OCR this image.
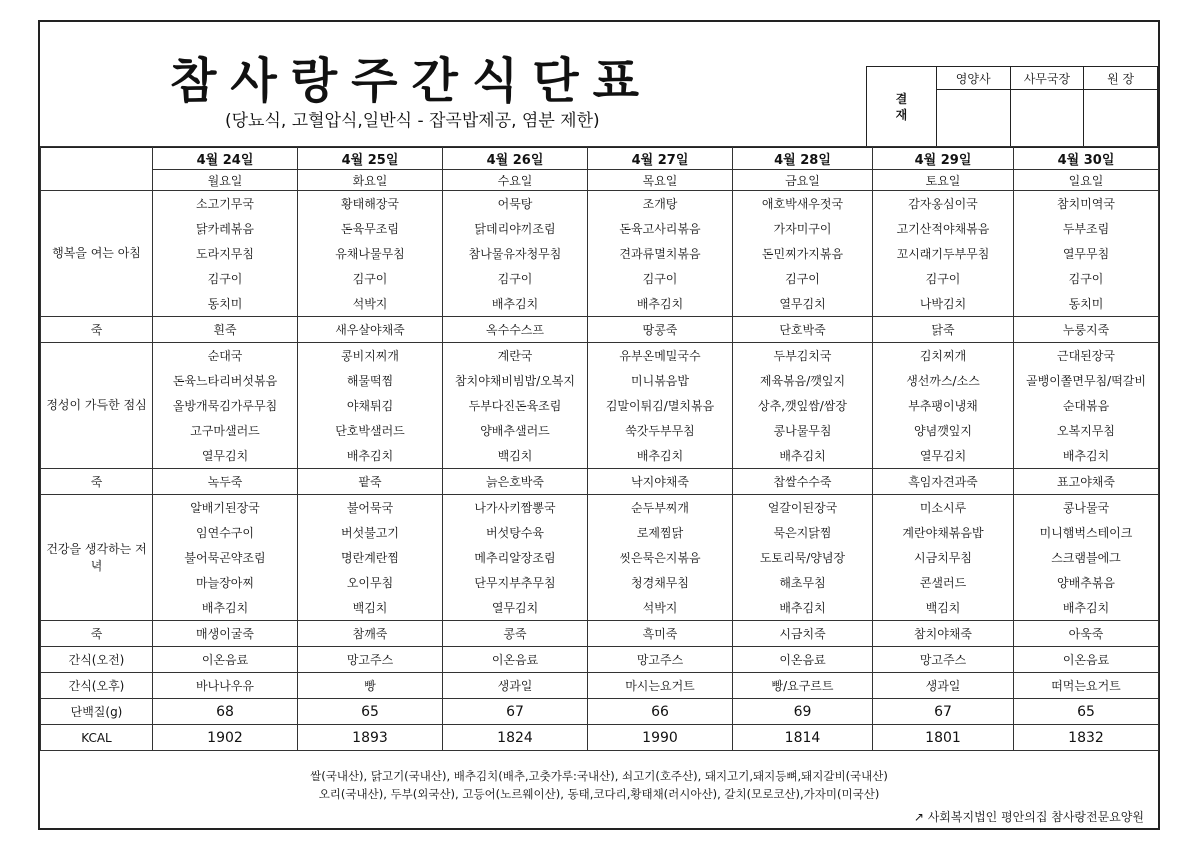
참사랑주간식단표
(당뇨식, 고혈압식,일반식 - 잡곡밥제공, 염분 제한)
결
재	영양사	사무국장	원 장

	4월 24일	4월 25일	4월 26일	4월 27일	4월 28일	4월 29일	4월 30일
	월요일	화요일	수요일	목요일	금요일	토요일	일요일
행복을 여는 아침	소고기무국	황태해장국	어묵탕	조개탕	애호박새우젓국	감자옹심이국	참치미역국
	닭카레볶음	돈육무조림	닭데리야끼조림	돈육고사리볶음	가자미구이	고기산적야채볶음	두부조림
	도라지무침	유채나물무침	참나물유자청무침	견과류멸치볶음	돈민찌가지볶음	꼬시래기두부무침	열무무침
	김구이	김구이	김구이	김구이	김구이	김구이	김구이
	동치미	석박지	배추김치	배추김치	열무김치	나박김치	동치미
죽	흰죽	새우살야채죽	옥수수스프	땅콩죽	단호박죽	닭죽	누룽지죽
정성이 가득한 점심	순대국	콩비지찌개	계란국	유부온메밀국수	두부김치국	김치찌개	근대된장국
	돈육느타리버섯볶음	해물떡찜	참치야채비빔밥/오복지	미니볶음밥	제육볶음/깻잎지	생선까스/소스	골뱅이쫄면무침/떡갈비
	올방개묵김가루무침	야채튀김	두부다진돈육조림	김말이튀김/멸치볶음	상추,깻잎쌈/쌈장	부추팽이냉채	순대볶음
	고구마샐러드	단호박샐러드	양배추샐러드	쑥갓두부무침	콩나물무침	양념깻잎지	오복지무침
	열무김치	배추김치	백김치	배추김치	배추김치	열무김치	배추김치
죽	녹두죽	팥죽	늙은호박죽	낙지야채죽	찹쌀수수죽	흑임자견과죽	표고야채죽
건강을 생각하는 저녁	알배기된장국	불어묵국	나가사키짬뽕국	순두부찌개	얼갈이된장국	미소시루	콩나물국
	임연수구이	버섯불고기	버섯탕수육	로제찜닭	묵은지닭찜	계란야채볶음밥	미니햄벅스테이크
	불어묵곤약조림	명란계란찜	메추리알장조림	씻은묵은지볶음	도토리묵/양념장	시금치무침	스크램블에그
	마늘장아찌	오이무침	단무지부추무침	청경채무침	해초무침	콘샐러드	양배추볶음
	배추김치	백김치	열무김치	석박지	배추김치	백김치	배추김치
죽	매생이굴죽	참깨죽	콩죽	흑미죽	시금치죽	참치야채죽	아욱죽
간식(오전)	이온음료	망고주스	이온음료	망고주스	이온음료	망고주스	이온음료
간식(오후)	바나나우유	빵	생과일	마시는요거트	빵/요구르트	생과일	떠먹는요거트
단백질(g)	68	65	67	66	69	67	65
KCAL	1902	1893	1824	1990	1814	1801	1832
쌀(국내산), 닭고기(국내산), 배추김치(배추,고춧가루:국내산), 쇠고기(호주산), 돼지고기,돼지등뼈,돼지갈비(국내산)
오리(국내산), 두부(외국산), 고등어(노르웨이산), 동태,코다리,황태채(러시아산), 갈치(모로코산),가자미(미국산)
↗ 사회복지법인 평안의집 참사랑전문요양원
